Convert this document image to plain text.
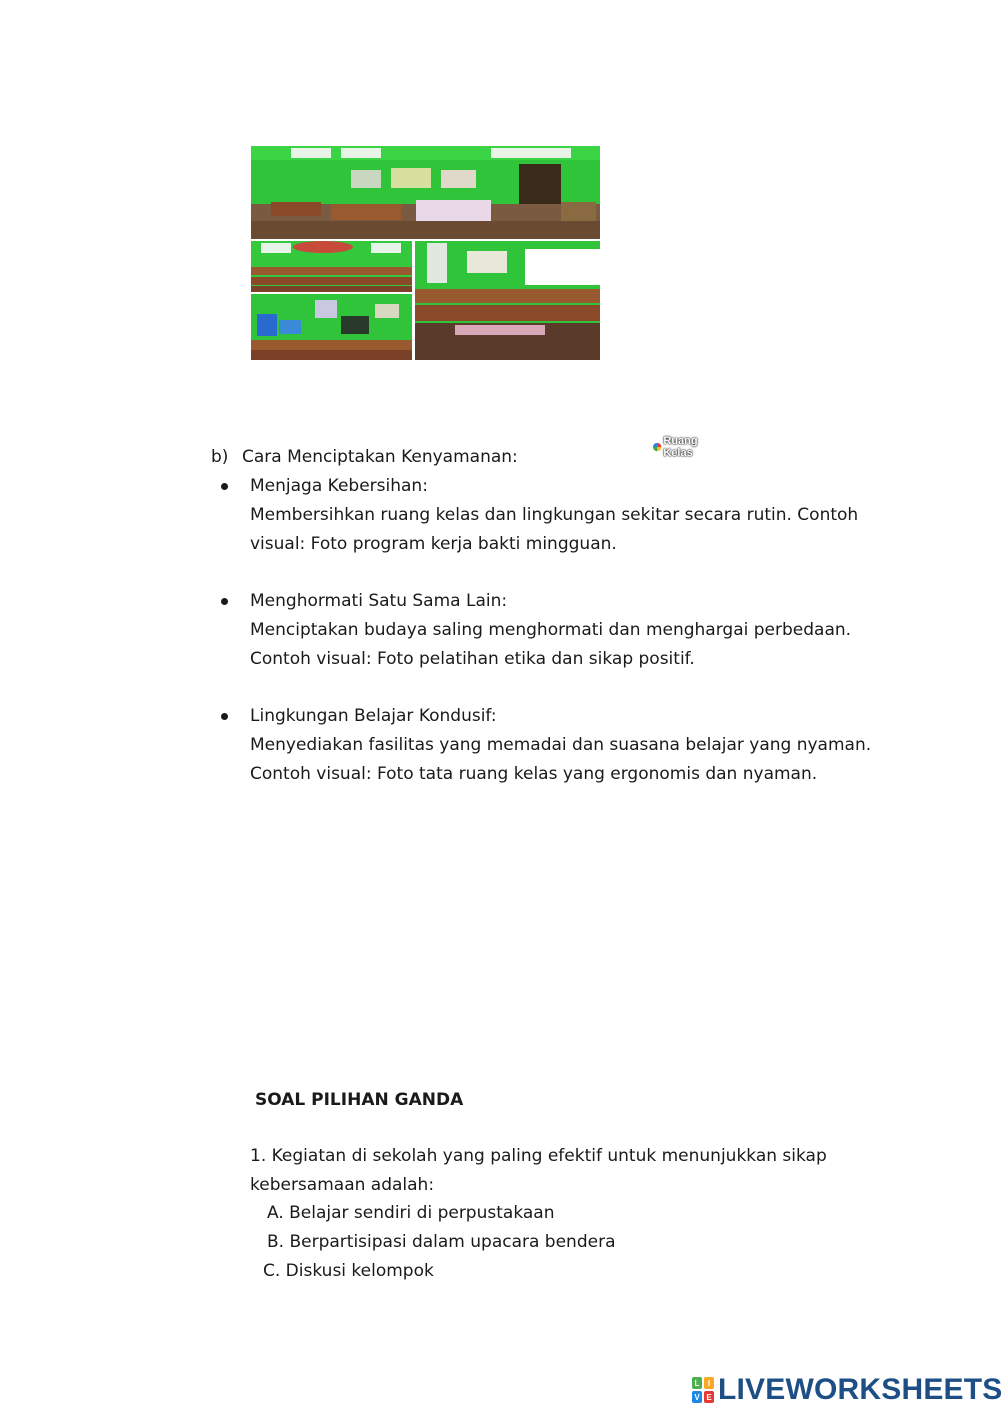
Ruang Kelas
b) Cara Menciptakan Kenyamanan:
Menjaga Kebersihan:
Membersihkan ruang kelas dan lingkungan sekitar secara rutin. Contoh
visual: Foto program kerja bakti mingguan.
Menghormati Satu Sama Lain:
Menciptakan budaya saling menghormati dan menghargai perbedaan.
Contoh visual: Foto pelatihan etika dan sikap positif.
Lingkungan Belajar Kondusif:
Menyediakan fasilitas yang memadai dan suasana belajar yang nyaman.
Contoh visual: Foto tata ruang kelas yang ergonomis dan nyaman.
SOAL PILIHAN GANDA
1. Kegiatan di sekolah yang paling efektif untuk menunjukkan sikap
kebersamaan adalah:
A. Belajar sendiri di perpustakaan
B. Berpartisipasi dalam upacara bendera
C. Diskusi kelompok
L I
V E LIVEWORKSHEETS
